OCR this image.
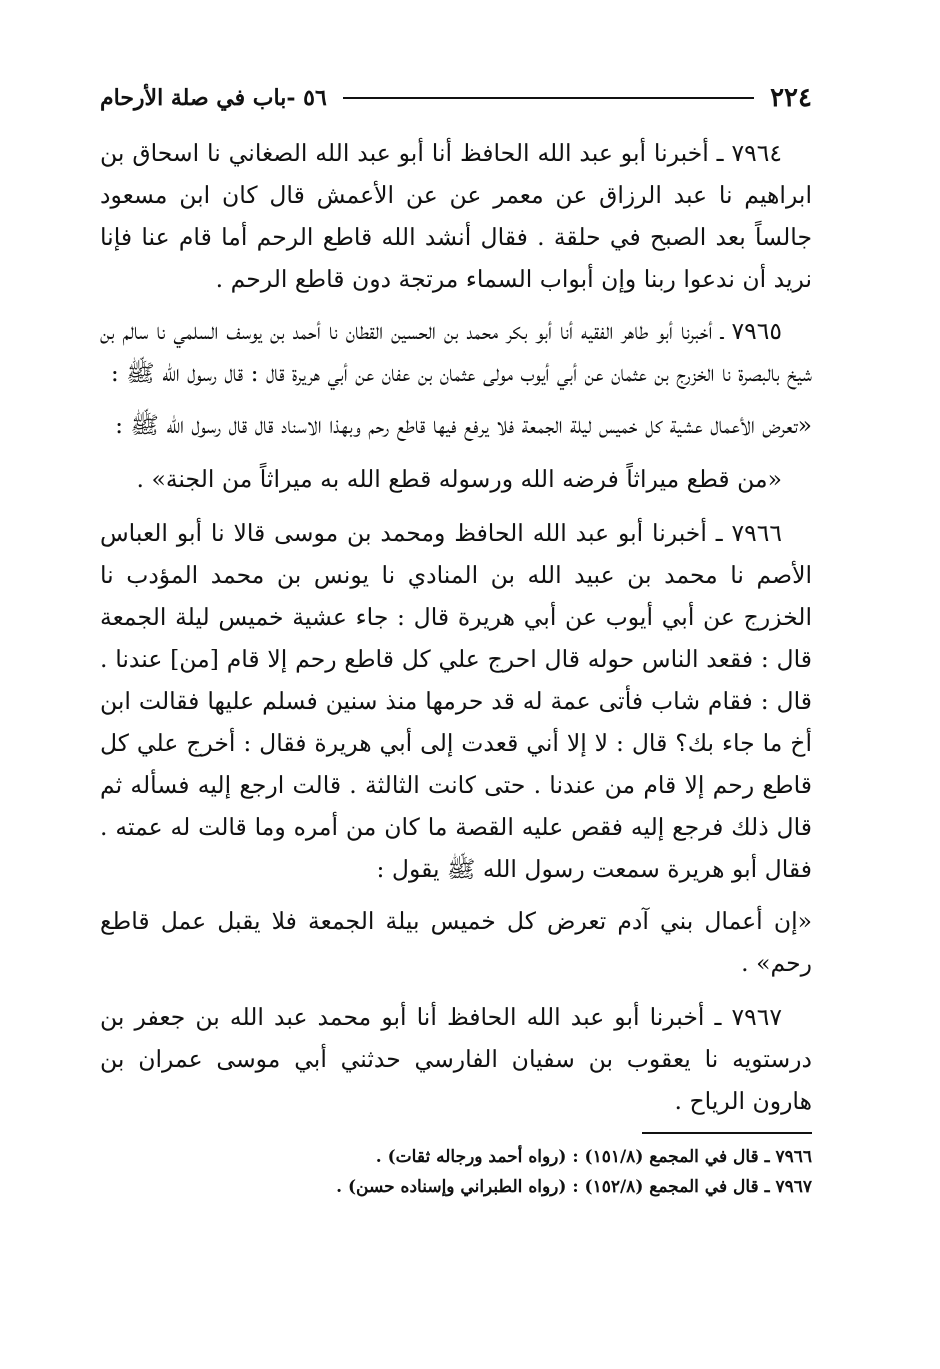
٢٢٤
٥٦ -باب في صلة الأرحام

٧٩٦٤ ـ أخبرنا أبو عبد الله الحافظ أنا أبو عبد الله الصغاني نا اسحاق بن ابراهيم نا عبد الرزاق عن معمر عن عن الأعمش قال كان ابن مسعود جالساً بعد الصبح في حلقة . فقال أنشد الله قاطع الرحم أما قام عنا فإنا نريد أن ندعوا ربنا وإن أبواب السماء مرتجة دون قاطع الرحم .

٧٩٦٥ ـ أخبرنا أبو طاهر الفقيه أنا أبو بكر محمد بن الحسين القطان نا أحمد بن يوسف السلمي نا سالم بن شيخ بالبصرة نا الخزرج بن عثمان عن أبي أيوب مولى عثمان بن عفان عن أبي هريرة قال : قال رسول الله ﷺ :

«تعرض الأعمال عشية كل خميس ليلة الجمعة فلا يرفع فيها قاطع رحم وبهذا الاسناد قال قال رسول الله ﷺ :

«من قطع ميراثاً فرضه الله ورسوله قطع الله به ميراثاً من الجنة» .

٧٩٦٦ ـ أخبرنا أبو عبد الله الحافظ ومحمد بن موسى قالا نا أبو العباس الأصم نا محمد بن عبيد الله بن المنادي نا يونس بن محمد المؤدب نا الخزرج عن أبي أيوب عن أبي هريرة قال : جاء عشية خميس ليلة الجمعة قال : فقعد الناس حوله قال احرج علي كل قاطع رحم إلا قام [من] عندنا . قال : فقام شاب فأتى عمة له قد حرمها منذ سنين فسلم عليها فقالت ابن أخ ما جاء بك؟ قال : لا إلا أني قعدت إلى أبي هريرة فقال : أخرج علي كل قاطع رحم إلا قام من عندنا . حتى كانت الثالثة . قالت ارجع إليه فسأله ثم قال ذلك فرجع إليه فقص عليه القصة ما كان من أمره وما قالت له عمته . فقال أبو هريرة سمعت رسول الله ﷺ يقول :

«إن أعمال بني آدم تعرض كل خميس بيلة الجمعة فلا يقبل عمل قاطع رحم» .

٧٩٦٧ ـ أخبرنا أبو عبد الله الحافظ أنا أبو محمد عبد الله بن جعفر بن درستويه نا يعقوب بن سفيان الفارسي حدثني أبي موسى عمران بن هارون الرياح .

٧٩٦٦ ـ قال في المجمع (١٥١/٨) : (رواه أحمد ورجاله ثقات) .

٧٩٦٧ ـ قال في المجمع (١٥٢/٨) : (رواه الطبراني وإسناده حسن) .
